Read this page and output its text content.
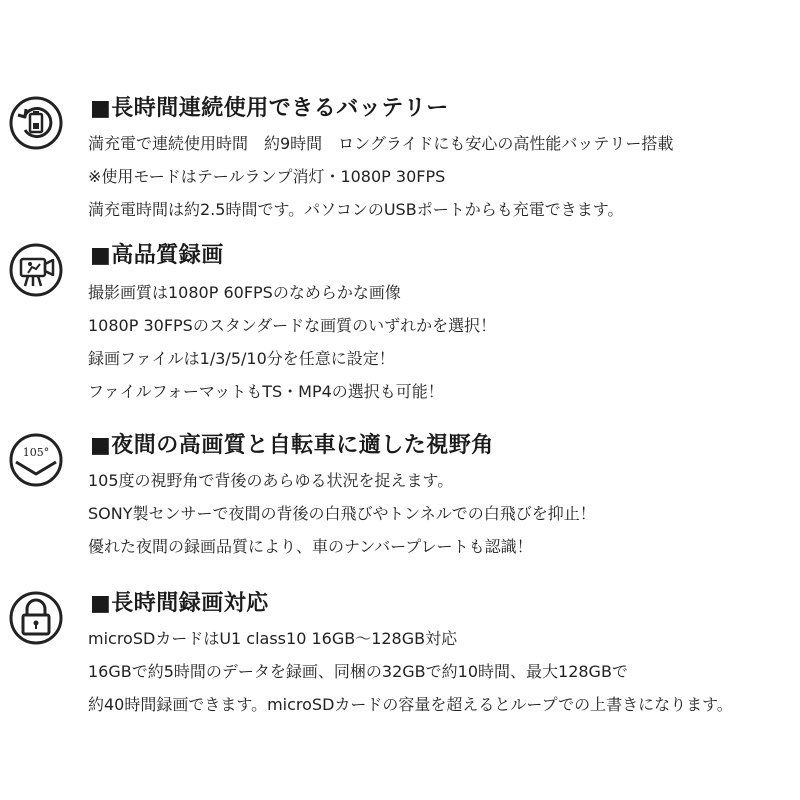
■長時間連続使用できるバッテリー
満充電で連続使用時間　約9時間　ロングライドにも安心の高性能バッテリー搭載
※使用モードはテールランプ消灯・1080P 30FPS
満充電時間は約2.5時間です。パソコンのUSBポートからも充電できます。
■高品質録画
撮影画質は1080P 60FPSのなめらかな画像
1080P 30FPSのスタンダードな画質のいずれかを選択！
録画ファイルは1/3/5/10分を任意に設定！
ファイルフォーマットもTS・MP4の選択も可能！
105° ■夜間の高画質と自転車に適した視野角
105度の視野角で背後のあらゆる状況を捉えます。
SONY製センサーで夜間の背後の白飛びやトンネルでの白飛びを抑止！
優れた夜間の録画品質により、車のナンバープレートも認識！
■長時間録画対応
microSDカードはU1 class10 16GB～128GB対応
16GBで約5時間のデータを録画、同梱の32GBで約10時間、最大128GBで
約40時間録画できます。microSDカードの容量を超えるとループでの上書きになります。
